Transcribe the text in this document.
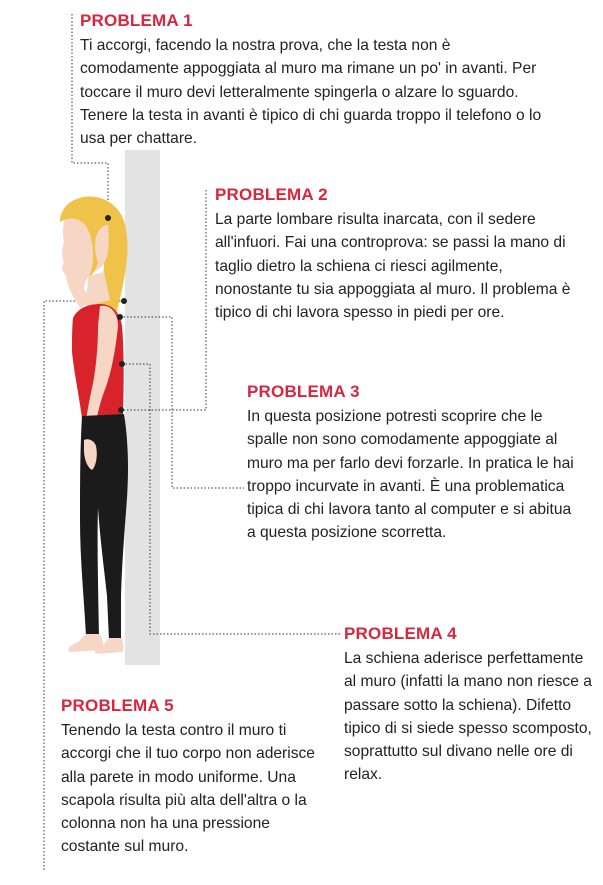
PROBLEMA 1

Ti accorgi, facendo la nostra prova, che la testa non è comodamente appoggiata al muro ma rimane un po' in avanti. Per toccare il muro devi letteralmente spingerla o alzare lo sguardo. Tenere la testa in avanti è tipico di chi guarda troppo il telefono o lo usa per chattare.

PROBLEMA 2

La parte lombare risulta inarcata, con il sedere all'infuori. Fai una controprova: se passi la mano di taglio dietro la schiena ci riesci agilmente, nonostante tu sia appoggiata al muro. Il problema è tipico di chi lavora spesso in piedi per ore.

PROBLEMA 3

In questa posizione potresti scoprire che le spalle non sono comodamente appoggiate al muro ma per farlo devi forzarle. In pratica le hai troppo incurvate in avanti. È una problematica tipica di chi lavora tanto al computer e si abitua a questa posizione scorretta.

PROBLEMA 4

La schiena aderisce perfettamente al muro (infatti la mano non riesce a passare sotto la schiena). Difetto tipico di si siede spesso scomposto, soprattutto sul divano nelle ore di relax.

PROBLEMA 5

Tenendo la testa contro il muro ti accorgi che il tuo corpo non aderisce alla parete in modo uniforme. Una scapola risulta più alta dell'altra o la colonna non ha una pressione costante sul muro.
